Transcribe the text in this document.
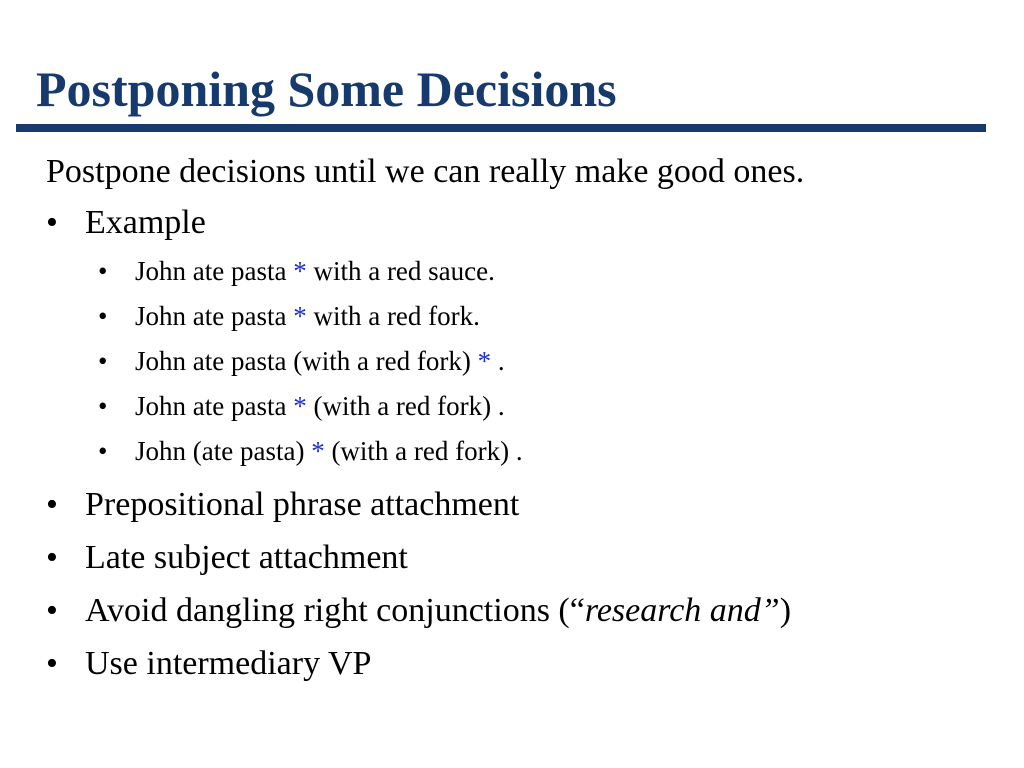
Postponing Some Decisions

Postpone decisions until we can really make good ones.

• Example
• John ate pasta * with a red sauce.
• John ate pasta * with a red fork.
• John ate pasta (with a red fork) * .
• John ate pasta * (with a red fork) .
• John (ate pasta) * (with a red fork) .
• Prepositional phrase attachment
• Late subject attachment
• Avoid dangling right conjunctions (“research and”)
• Use intermediary VP
